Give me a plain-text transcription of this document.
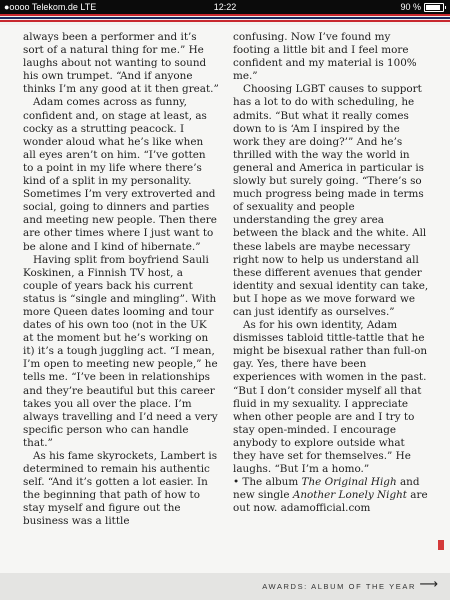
●oooo Telekom.de LTE	12:22	90 %

always been a performer and it’s sort of a natural thing for me.” He laughs about not wanting to sound his own trumpet. “And if anyone thinks I’m any good at it then great.”

Adam comes across as funny, confident and, on stage at least, as cocky as a strutting peacock. I wonder aloud what he’s like when all eyes aren’t on him. “I’ve gotten to a point in my life where there’s kind of a split in my personality. Sometimes I’m very extroverted and social, going to dinners and parties and meeting new people. Then there are other times where I just want to be alone and I kind of hibernate.”

Having split from boyfriend Sauli Koskinen, a Finnish TV host, a couple of years back his current status is “single and mingling”. With more Queen dates looming and tour dates of his own too (not in the UK at the moment but he’s working on it) it’s a tough juggling act. “I mean, I’m open to meeting new people,” he tells me. “I’ve been in relationships and they’re beautiful but this career takes you all over the place. I’m always travelling and I’d need a very specific person who can handle that.”

As his fame skyrockets, Lambert is determined to remain his authentic self. “And it’s gotten a lot easier. In the beginning that path of how to stay myself and figure out the business was a little

confusing. Now I’ve found my footing a little bit and I feel more confident and my material is 100% me.”

Choosing LGBT causes to support has a lot to do with scheduling, he admits. “But what it really comes down to is ‘Am I inspired by the work they are doing?’” And he’s thrilled with the way the world in general and America in particular is slowly but surely going. “There’s so much progress being made in terms of sexuality and people understanding the grey area between the black and the white. All these labels are maybe necessary right now to help us understand all these different avenues that gender identity and sexual identity can take, but I hope as we move forward we can just identify as ourselves.”

As for his own identity, Adam dismisses tabloid tittle-tattle that he might be bisexual rather than full-on gay. Yes, there have been experiences with women in the past. “But I don’t consider myself all that fluid in my sexuality. I appreciate when other people are and I try to stay open-minded. I encourage anybody to explore outside what they have set for themselves.” He laughs. “But I’m a homo.”

• The album The Original High and new single Another Lonely Night are out now. adamofficial.com

AWARDS: ALBUM OF THE YEAR ⟶
